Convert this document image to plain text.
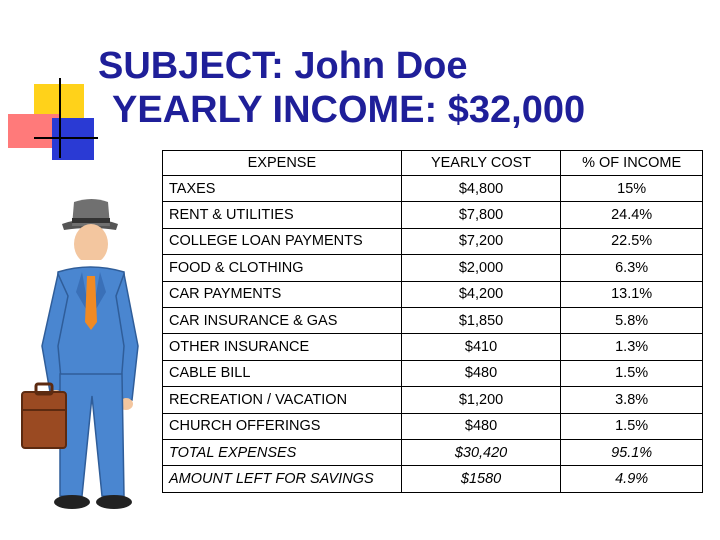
SUBJECT: John Doe
YEARLY INCOME: $32,000
EXPENSE	YEARLY COST	% OF INCOME
TAXES	$4,800	15%
RENT & UTILITIES	$7,800	24.4%
COLLEGE LOAN PAYMENTS	$7,200	22.5%
FOOD & CLOTHING	$2,000	6.3%
CAR PAYMENTS	$4,200	13.1%
CAR INSURANCE & GAS	$1,850	5.8%
OTHER INSURANCE	$410	1.3%
CABLE BILL	$480	1.5%
RECREATION / VACATION	$1,200	3.8%
CHURCH OFFERINGS	$480	1.5%
TOTAL EXPENSES	$30,420	95.1%
AMOUNT LEFT FOR SAVINGS	$1580	4.9%
